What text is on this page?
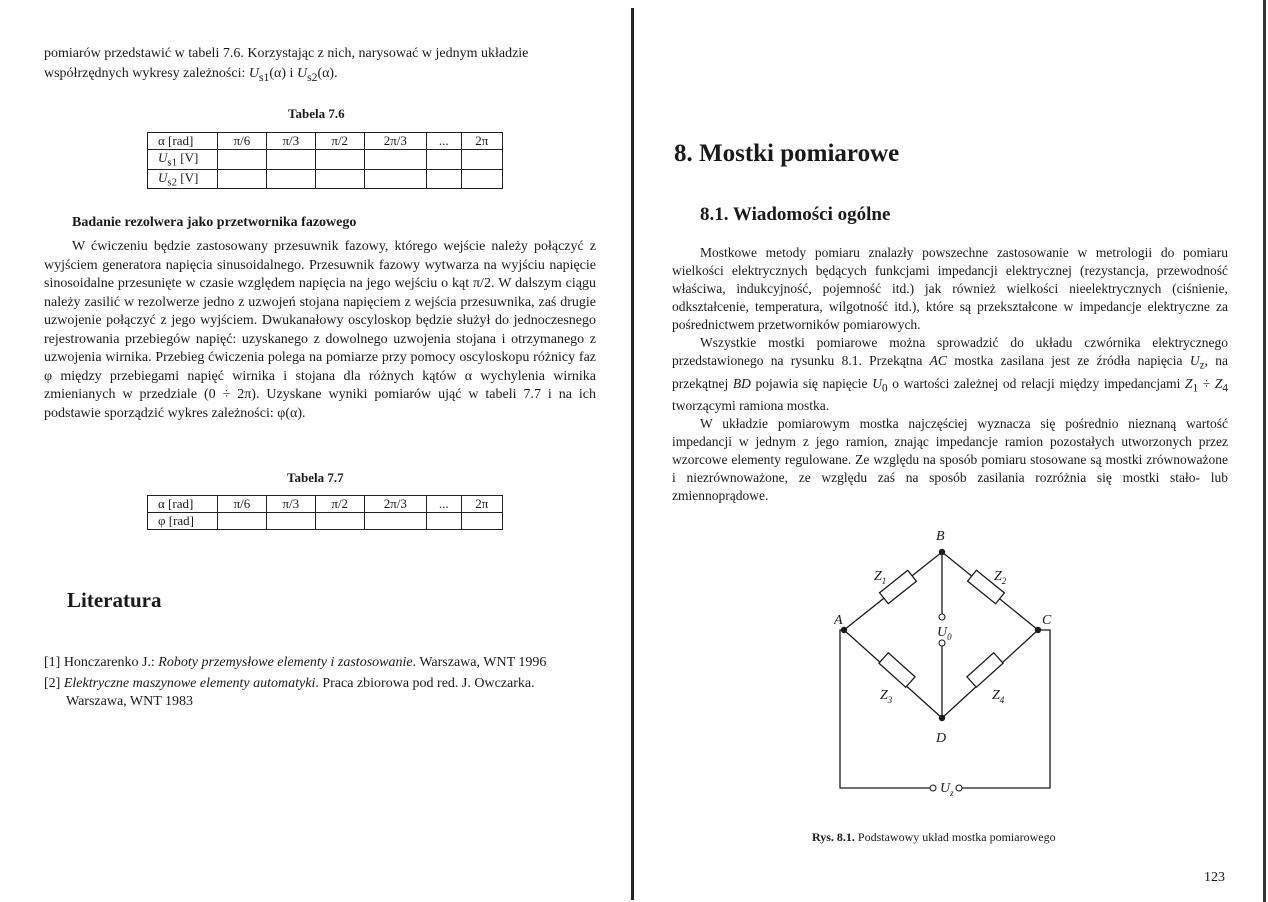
pomiarów przedstawić w tabeli 7.6. Korzystając z nich, narysować w jednym układzie
współrzędnych wykresy zależności: $U_{s1}(\alpha)$ i $U_{s2}(\alpha)$.
Tabela 7.6
α [rad]	π/6	π/3	π/2	2π/3	...	2π
$U_{s1}$ [V]						
$U_{s2}$ [V]						
Badanie rezolwera jako przetwornika fazowego
W ćwiczeniu będzie zastosowany przesuwnik fazowy, którego wejście należy połączyć z wyjściem generatora napięcia sinusoidalnego. Przesuwnik fazowy wytwarza na wyjściu napięcie sinosoidalne przesunięte w czasie względem napięcia na jego wejściu o kąt π/2. W dalszym ciągu należy zasilić w rezolwerze jedno z uzwojeń stojana napięciem z wejścia przesuwnika, zaś drugie uzwojenie połączyć z jego wyjściem. Dwukanałowy oscyloskop będzie służył do jednoczesnego rejestrowania przebiegów napięć: uzyskanego z dowolnego uzwojenia stojana i otrzymanego z uzwojenia wirnika. Przebieg ćwiczenia polega na pomiarze przy pomocy oscyloskopu różnicy faz φ między przebiegami napięć wirnika i stojana dla różnych kątów α wychylenia wirnika zmienianych w przedziale (0 ÷ 2π). Uzyskane wyniki pomiarów ująć w tabeli 7.7 i na ich podstawie sporządzić wykres zależności: φ(α).
Tabela 7.7
α [rad]	π/6	π/3	π/2	2π/3	...	2π
φ [rad]						
Literatura
[1] Honczarenko J.: Roboty przemysłowe elementy i zastosowanie. Warszawa, WNT 1996
[2] Elektryczne maszynowe elementy automatyki. Praca zbiorowa pod red. J. Owczarka. Warszawa, WNT 1983
8. Mostki pomiarowe
8.1. Wiadomości ogólne

Mostkowe metody pomiaru znalazły powszechne zastosowanie w metrologii do pomiaru wielkości elektrycznych będących funkcjami impedancji elektrycznej (rezystancja, przewodność właściwa, indukcyjność, pojemność itd.) jak również wielkości nieelektrycznych (ciśnienie, odkształcenie, temperatura, wilgotność itd.), które są przekształcone w impedancje elektryczne za pośrednictwem przetworników pomiarowych.

Wszystkie mostki pomiarowe można sprowadzić do układu czwórnika elektrycznego przedstawionego na rysunku 8.1. Przekątna AC mostka zasilana jest ze źródła napięcia $U_z$, na przekątnej BD pojawia się napięcie $U_0$ o wartości zależnej od relacji między impedancjami $Z_1 \div Z_4$ tworzącymi ramiona mostka.

W układzie pomiarowym mostka najczęściej wyznacza się pośrednio nieznaną wartość impedancji w jednym z jego ramion, znając impedancje ramion pozostałych utworzonych przez wzorcowe elementy regulowane. Ze względu na sposób pomiaru stosowane są mostki zrównoważone i niezrównoważone, ze względu zaś na sposób zasilania rozróżnia się mostki stało- lub zmiennoprądowe.

B
A	C
D
$Z_1$	$Z_2$
$Z_3$	$Z_4$
$U_0$
$U_z$
Rys. 8.1. Podstawowy układ mostka pomiarowego
123
